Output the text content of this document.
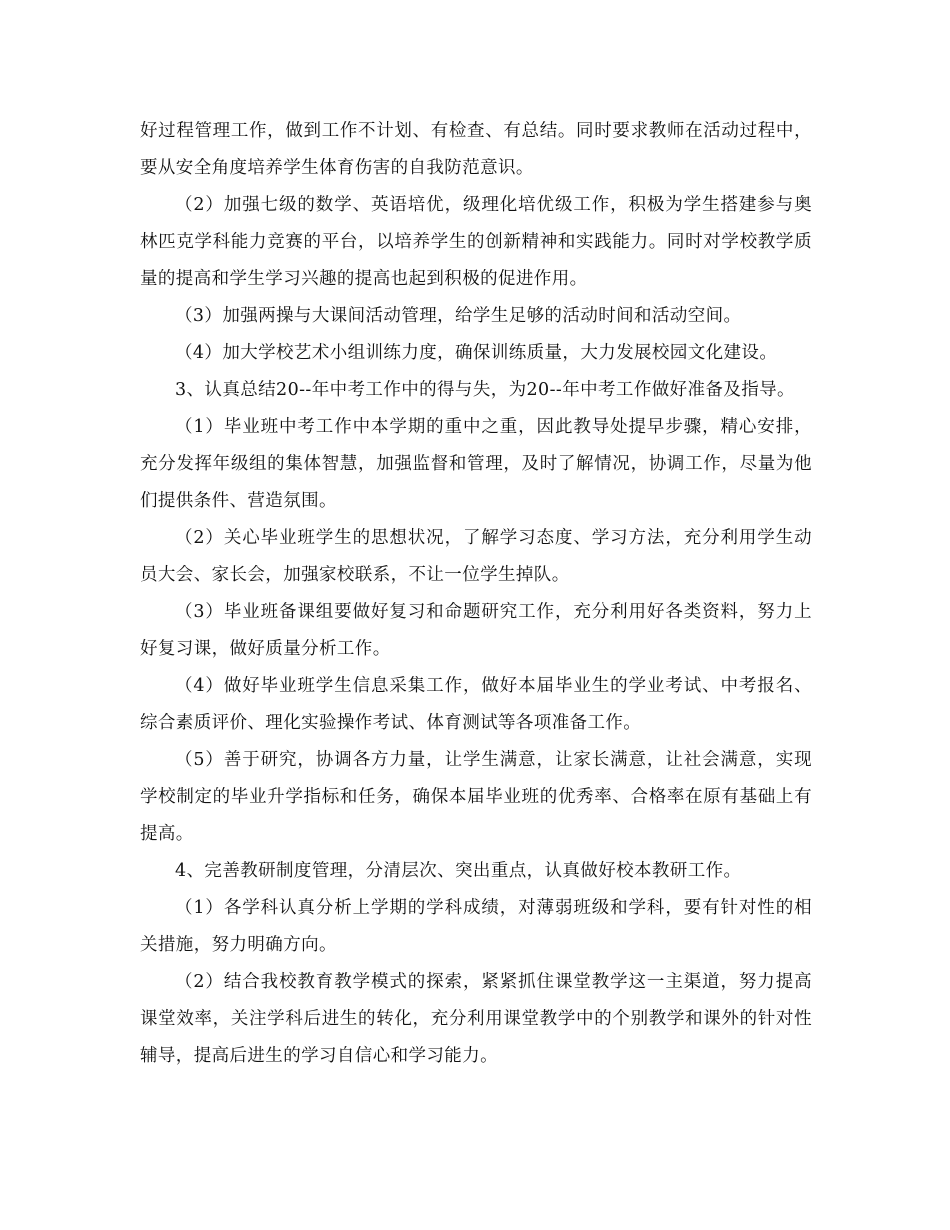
好过程管理工作，做到工作不计划、有检查、有总结。同时要求教师在活动过程中，要从安全角度培养学生体育伤害的自我防范意识。

（2）加强七级的数学、英语培优，级理化培优级工作，积极为学生搭建参与奥林匹克学科能力竞赛的平台，以培养学生的创新精神和实践能力。同时对学校教学质量的提高和学生学习兴趣的提高也起到积极的促进作用。

（3）加强两操与大课间活动管理，给学生足够的活动时间和活动空间。

（4）加大学校艺术小组训练力度，确保训练质量，大力发展校园文化建设。

3、认真总结20--年中考工作中的得与失，为20--年中考工作做好准备及指导。

（1）毕业班中考工作中本学期的重中之重，因此教导处提早步骤，精心安排，充分发挥年级组的集体智慧，加强监督和管理，及时了解情况，协调工作，尽量为他们提供条件、营造氛围。

（2）关心毕业班学生的思想状况，了解学习态度、学习方法，充分利用学生动员大会、家长会，加强家校联系，不让一位学生掉队。

（3）毕业班备课组要做好复习和命题研究工作，充分利用好各类资料，努力上好复习课，做好质量分析工作。

（4）做好毕业班学生信息采集工作，做好本届毕业生的学业考试、中考报名、综合素质评价、理化实验操作考试、体育测试等各项准备工作。

（5）善于研究，协调各方力量，让学生满意，让家长满意，让社会满意，实现学校制定的毕业升学指标和任务，确保本届毕业班的优秀率、合格率在原有基础上有提高。

4、完善教研制度管理，分清层次、突出重点，认真做好校本教研工作。

（1）各学科认真分析上学期的学科成绩，对薄弱班级和学科，要有针对性的相关措施，努力明确方向。

（2）结合我校教育教学模式的探索，紧紧抓住课堂教学这一主渠道，努力提高课堂效率，关注学科后进生的转化，充分利用课堂教学中的个别教学和课外的针对性辅导，提高后进生的学习自信心和学习能力。
